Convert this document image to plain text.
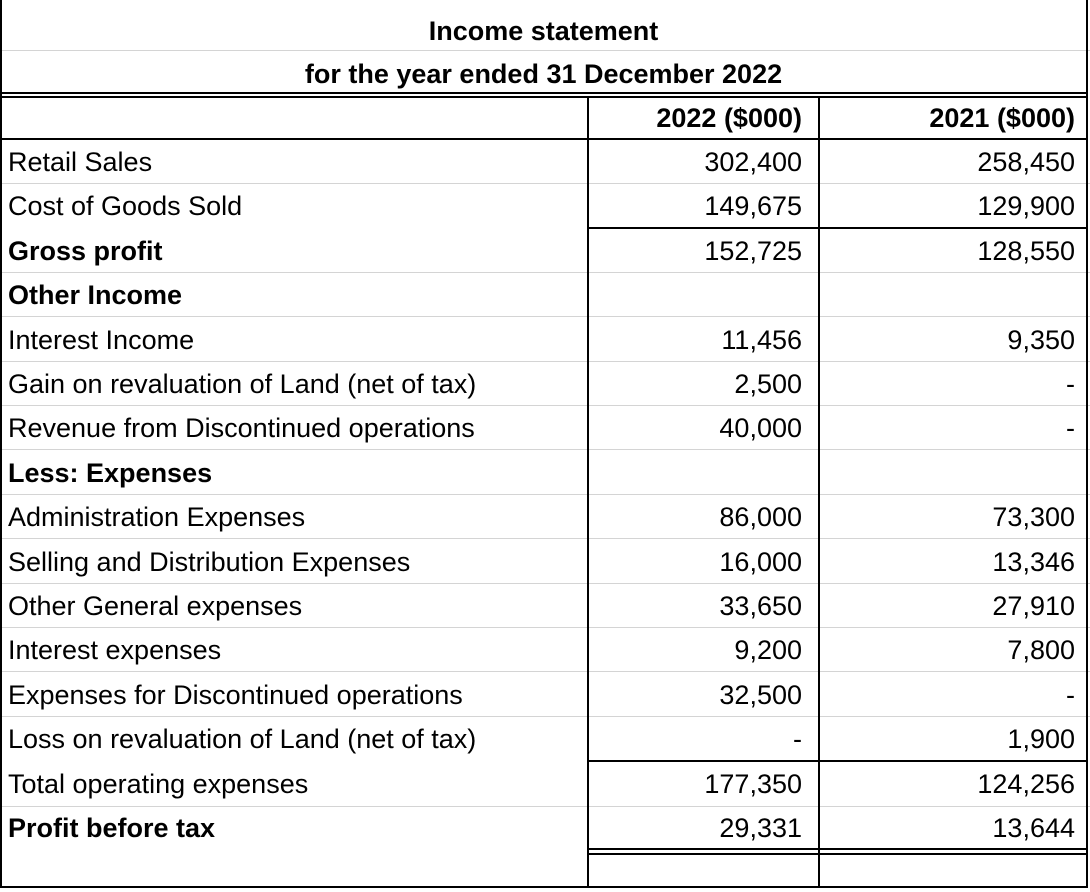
Income statement
for the year ended 31 December 2022
2022 ($000)	2021 ($000)
Retail Sales	302,400	258,450
Cost of Goods Sold	149,675	129,900
Gross profit	152,725	128,550
Other Income
Interest Income	11,456	9,350
Gain on revaluation of Land (net of tax)	2,500	-
Revenue from Discontinued operations	40,000	-
Less: Expenses
Administration Expenses	86,000	73,300
Selling and Distribution Expenses	16,000	13,346
Other General expenses	33,650	27,910
Interest expenses	9,200	7,800
Expenses for Discontinued operations	32,500	-
Loss on revaluation of Land (net of tax)	-	1,900
Total operating expenses	177,350	124,256
Profit before tax	29,331	13,644
